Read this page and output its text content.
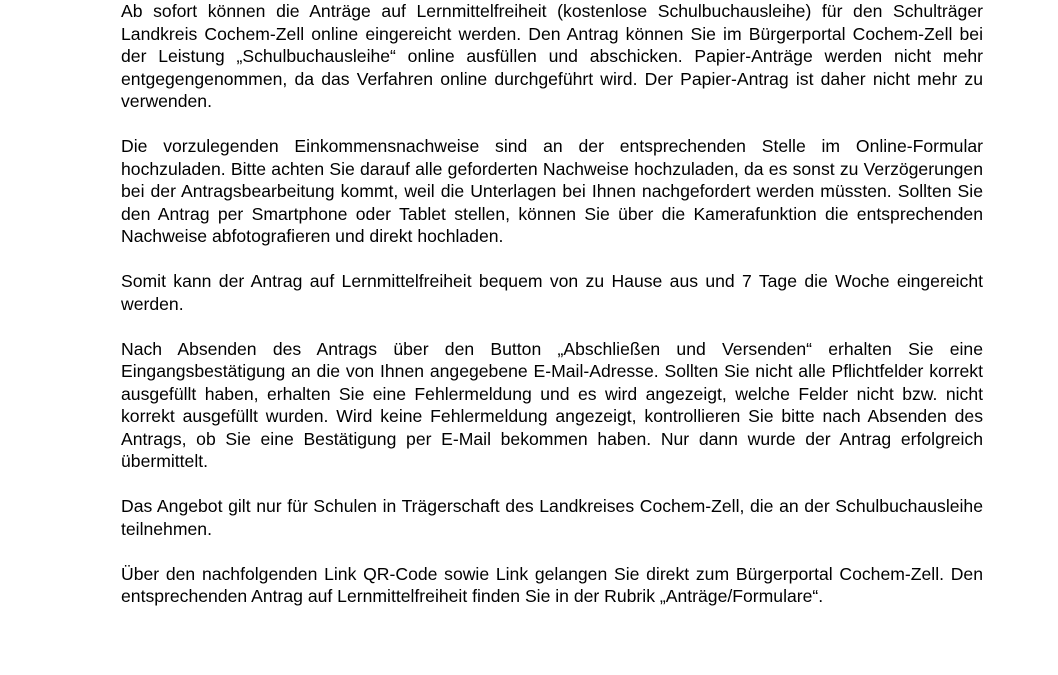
Ab sofort können die Anträge auf Lernmittelfreiheit (kostenlose Schulbuchausleihe) für den Schulträger Landkreis Cochem-Zell online eingereicht werden. Den Antrag können Sie im Bürgerportal Cochem-Zell bei der Leistung „Schulbuchausleihe“ online ausfüllen und abschicken. Papier-Anträge werden nicht mehr entgegengenommen, da das Verfahren online durchgeführt wird. Der Papier-Antrag ist daher nicht mehr zu verwenden.

Die vorzulegenden Einkommensnachweise sind an der entsprechenden Stelle im Online-Formular hochzuladen. Bitte achten Sie darauf alle geforderten Nachweise hochzuladen, da es sonst zu Verzögerungen bei der Antragsbearbeitung kommt, weil die Unterlagen bei Ihnen nachgefordert werden müssten. Sollten Sie den Antrag per Smartphone oder Tablet stellen, können Sie über die Kamerafunktion die entsprechenden Nachweise abfotografieren und direkt hochladen.

Somit kann der Antrag auf Lernmittelfreiheit bequem von zu Hause aus und 7 Tage die Woche eingereicht werden.

Nach Absenden des Antrags über den Button „Abschließen und Versenden“ erhalten Sie eine Eingangsbestätigung an die von Ihnen angegebene E-Mail-Adresse. Sollten Sie nicht alle Pflichtfelder korrekt ausgefüllt haben, erhalten Sie eine Fehlermeldung und es wird angezeigt, welche Felder nicht bzw. nicht korrekt ausgefüllt wurden. Wird keine Fehlermeldung angezeigt, kontrollieren Sie bitte nach Absenden des Antrags, ob Sie eine Bestätigung per E-Mail bekommen haben. Nur dann wurde der Antrag erfolgreich übermittelt.

Das Angebot gilt nur für Schulen in Trägerschaft des Landkreises Cochem-Zell, die an der Schulbuchausleihe teilnehmen.

Über den nachfolgenden Link QR-Code sowie Link gelangen Sie direkt zum Bürgerportal Cochem-Zell. Den entsprechenden Antrag auf Lernmittelfreiheit finden Sie in der Rubrik „Anträge/Formulare“.
